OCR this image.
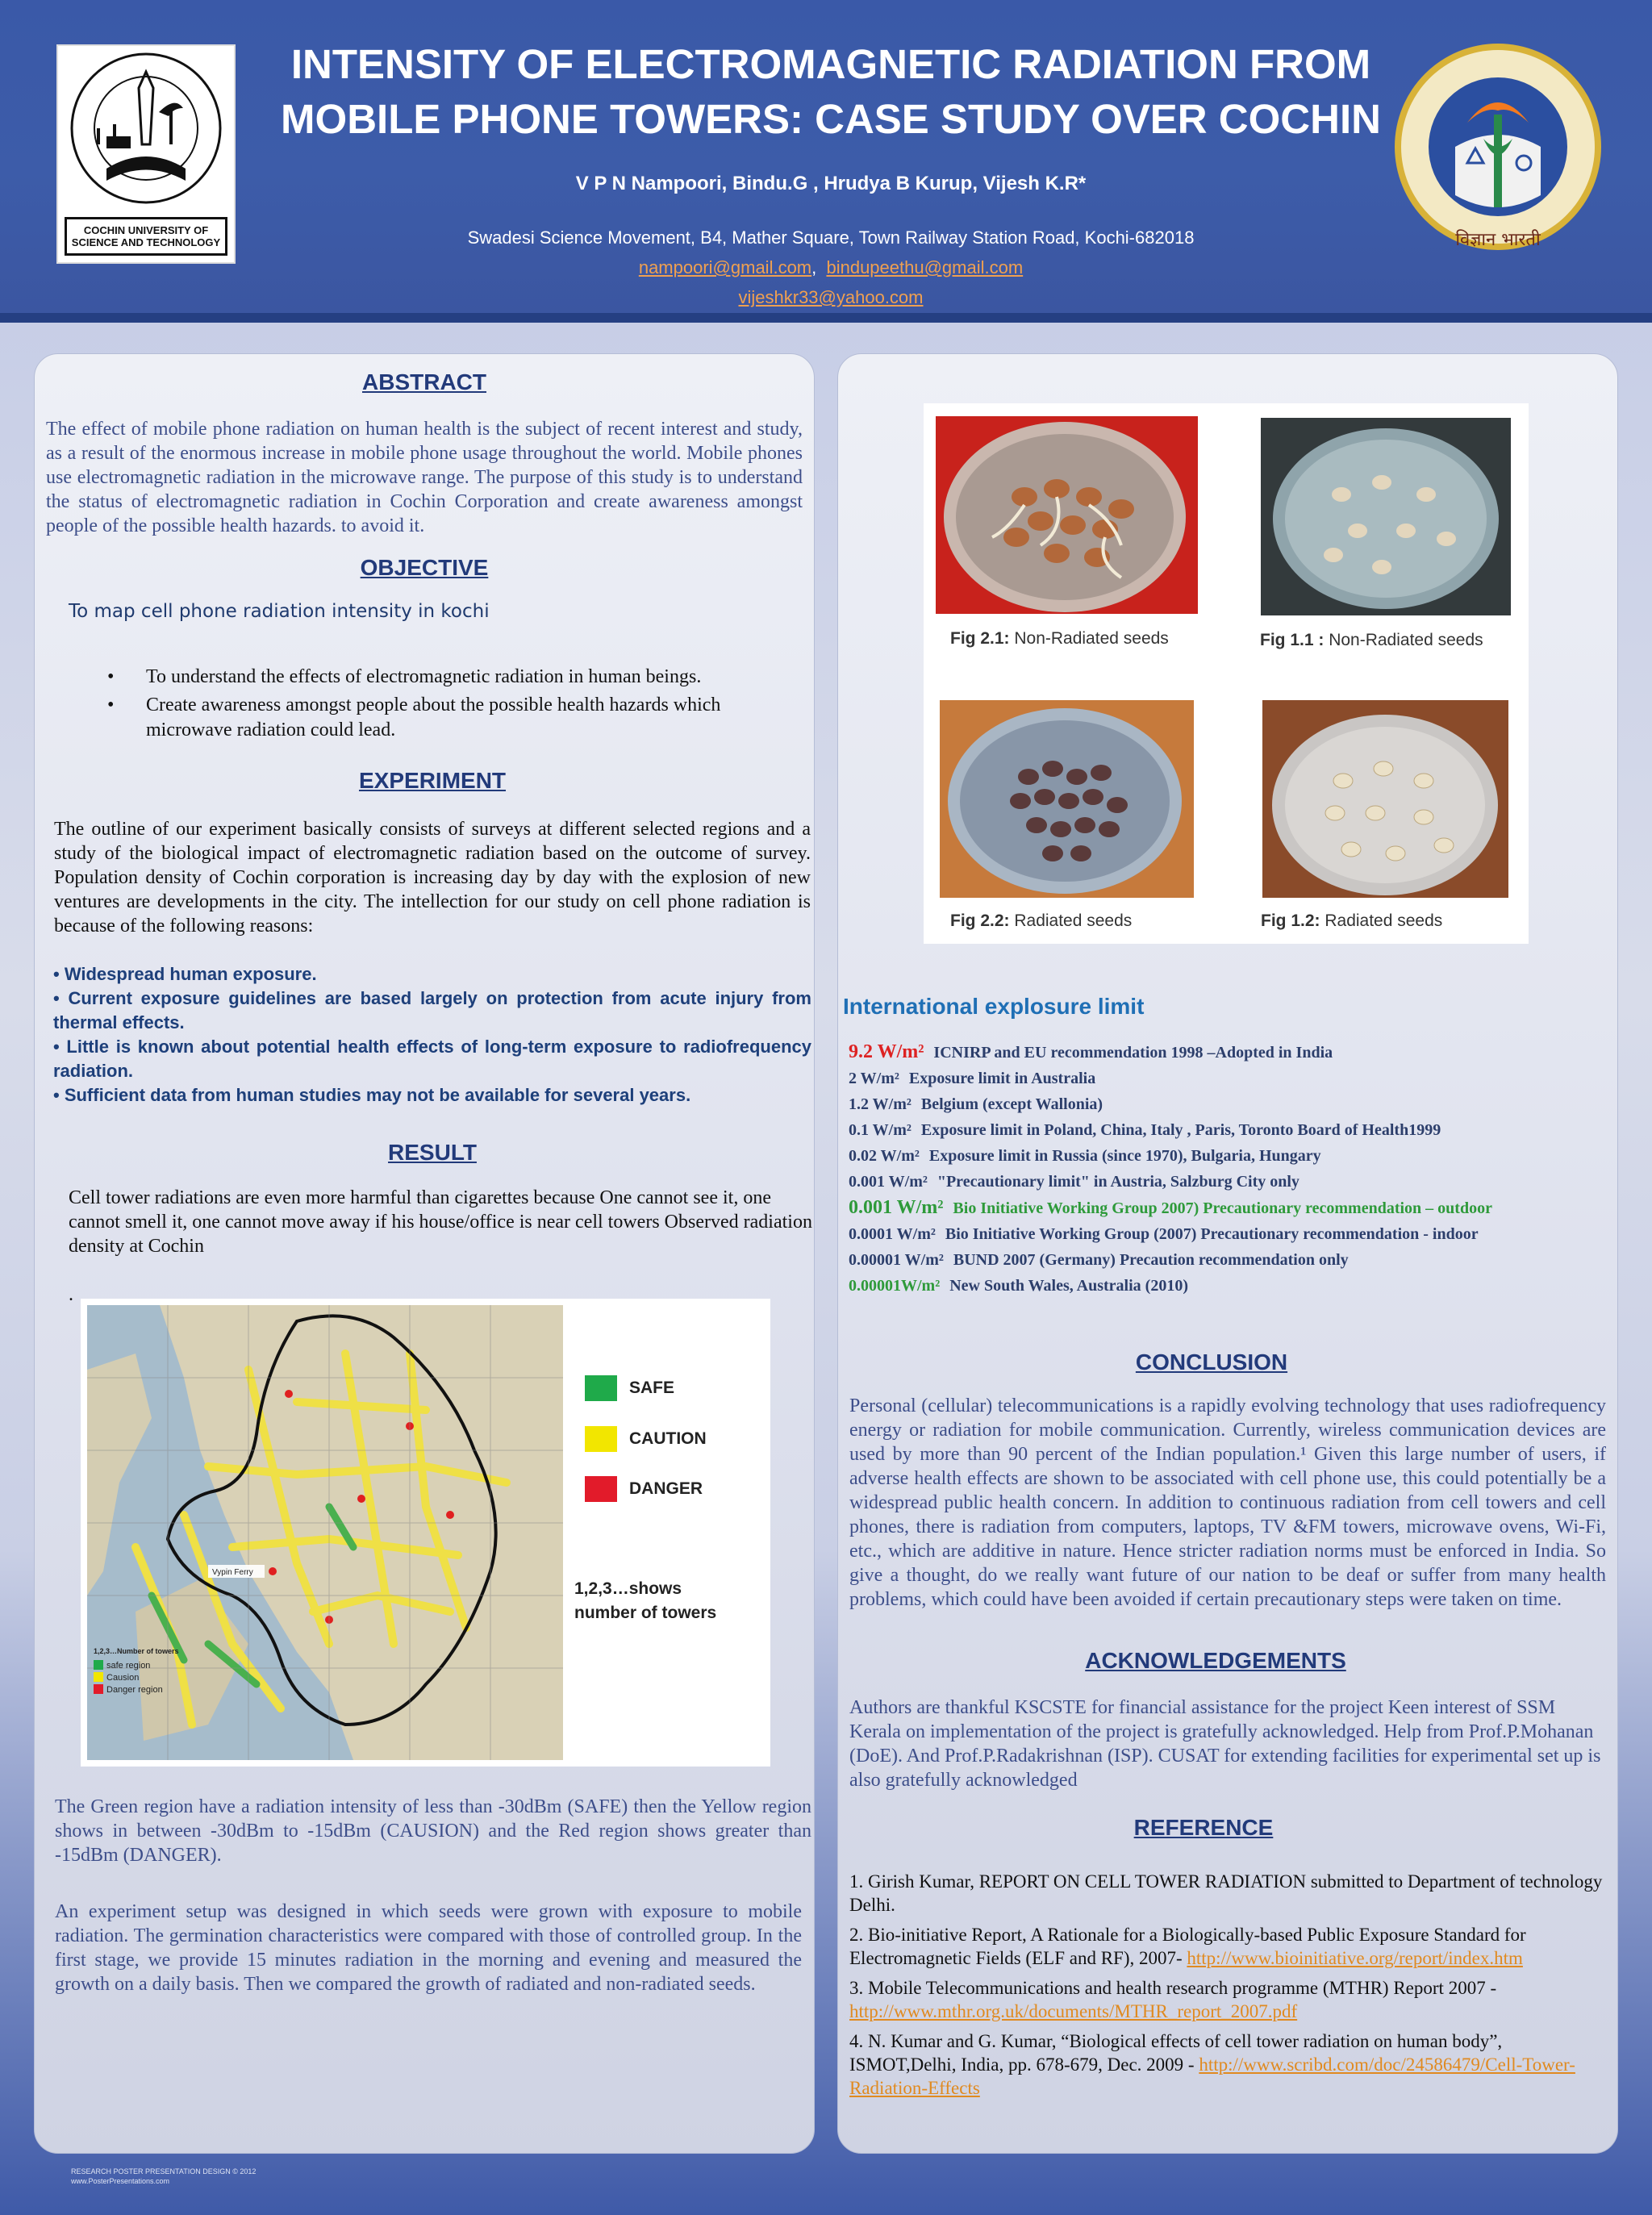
COCHIN UNIVERSITY OF SCIENCE AND TECHNOLOGY
INTENSITY OF ELECTROMAGNETIC RADIATION FROM
MOBILE PHONE TOWERS: CASE STUDY OVER COCHIN
V P N Nampoori, Bindu.G , Hrudya B Kurup, Vijesh K.R*
Swadesi Science Movement, B4, Mather Square, Town Railway Station Road, Kochi-682018
nampoori@gmail.com,  bindupeethu@gmail.com
vijeshkr33@yahoo.com
विज्ञान भारती
ABSTRACT
The effect of mobile phone radiation on human health is the subject of recent interest and study, as a result of the enormous increase in mobile phone usage throughout the world. Mobile phones use electromagnetic radiation in the microwave range. The purpose of this study is to understand the status of electromagnetic radiation in Cochin Corporation and create awareness amongst people of the possible health hazards. to avoid it.
OBJECTIVE
To map cell phone radiation intensity in kochi
• To understand the effects of electromagnetic radiation in human beings.
• Create awareness amongst people about the possible health hazards which microwave radiation could lead.
EXPERIMENT
The outline of our experiment basically consists of surveys at different selected regions and a study of the biological impact of electromagnetic radiation based on the outcome of survey. Population density of Cochin corporation is increasing day by day with the explosion of new ventures are developments in the city. The intellection for our study on cell phone radiation is because of the following reasons:
• Widespread human exposure.
• Current exposure guidelines are based largely on protection from acute injury from thermal effects.
• Little is known about potential health effects of long-term exposure to radiofrequency radiation.
• Sufficient data from human studies may not be available for several years.
RESULT
Cell tower radiations are even more harmful than cigarettes because One cannot see it, one cannot smell it, one cannot move away if his house/office is near cell towers Observed radiation density at Cochin
.
Vypin Ferry
1,2,3…Number of towers
safe region
Causion
Danger region
SAFE
CAUTION
DANGER
1,2,3…shows
number of towers
The Green region have a radiation intensity of less than -30dBm (SAFE) then the Yellow region shows in between -30dBm to -15dBm (CAUSION) and the Red region shows greater than -15dBm (DANGER).
An experiment setup was designed in which seeds were grown with exposure to mobile radiation. The germination characteristics were compared with those of controlled group. In the first stage, we provide 15 minutes radiation in the morning and evening and measured the growth on a daily basis. Then we compared the growth of radiated and non-radiated seeds.
Fig 2.1: Non-Radiated seeds	Fig 1.1 : Non-Radiated seeds
Fig 2.2: Radiated seeds	Fig 1.2: Radiated seeds
International explosure limit
9.2 W/m² ICNIRP and EU recommendation 1998 –Adopted in India
2 W/m² Exposure limit in Australia
1.2 W/m² Belgium (except Wallonia)
0.1 W/m² Exposure limit in Poland, China, Italy , Paris, Toronto Board of Health1999
0.02 W/m² Exposure limit in Russia (since 1970), Bulgaria, Hungary
0.001 W/m² "Precautionary limit" in Austria, Salzburg City only
0.001 W/m² Bio Initiative Working Group 2007) Precautionary recommendation – outdoor
0.0001 W/m² Bio Initiative Working Group (2007) Precautionary recommendation - indoor
0.00001 W/m² BUND 2007 (Germany) Precaution recommendation only
0.00001W/m² New South Wales, Australia (2010)
CONCLUSION
Personal (cellular) telecommunications is a rapidly evolving technology that uses radiofrequency energy or radiation for mobile communication. Currently, wireless communication devices are used by more than 90 percent of the Indian population.¹ Given this large number of users, if adverse health effects are shown to be associated with cell phone use, this could potentially be a widespread public health concern. In addition to continuous radiation from cell towers and cell phones, there is radiation from computers, laptops, TV &FM towers, microwave ovens, Wi-Fi, etc., which are additive in nature. Hence stricter radiation norms must be enforced in India. So give a thought, do we really want future of our nation to be deaf or suffer from many health problems, which could have been avoided if certain precautionary steps were taken on time.
ACKNOWLEDGEMENTS
Authors are thankful KSCSTE for financial assistance for the project Keen interest of SSM Kerala on implementation of the project is gratefully acknowledged. Help from Prof.P.Mohanan (DoE). And Prof.P.Radakrishnan (ISP). CUSAT for extending facilities for experimental set up is also gratefully acknowledged
REFERENCE

1. Girish Kumar, REPORT ON CELL TOWER RADIATION submitted to Department of technology Delhi.

2. Bio-initiative Report, A Rationale for a Biologically-based Public Exposure Standard for Electromagnetic Fields (ELF and RF), 2007- http://www.bioinitiative.org/report/index.htm

3. Mobile Telecommunications and health research programme (MTHR) Report 2007 -
http://www.mthr.org.uk/documents/MTHR_report_2007.pdf

4. N. Kumar and G. Kumar, “Biological effects of cell tower radiation on human body”, ISMOT,Delhi, India, pp. 678-679, Dec. 2009 - http://www.scribd.com/doc/24586479/Cell-Tower-Radiation-Effects

RESEARCH POSTER PRESENTATION DESIGN © 2012
www.PosterPresentations.com
